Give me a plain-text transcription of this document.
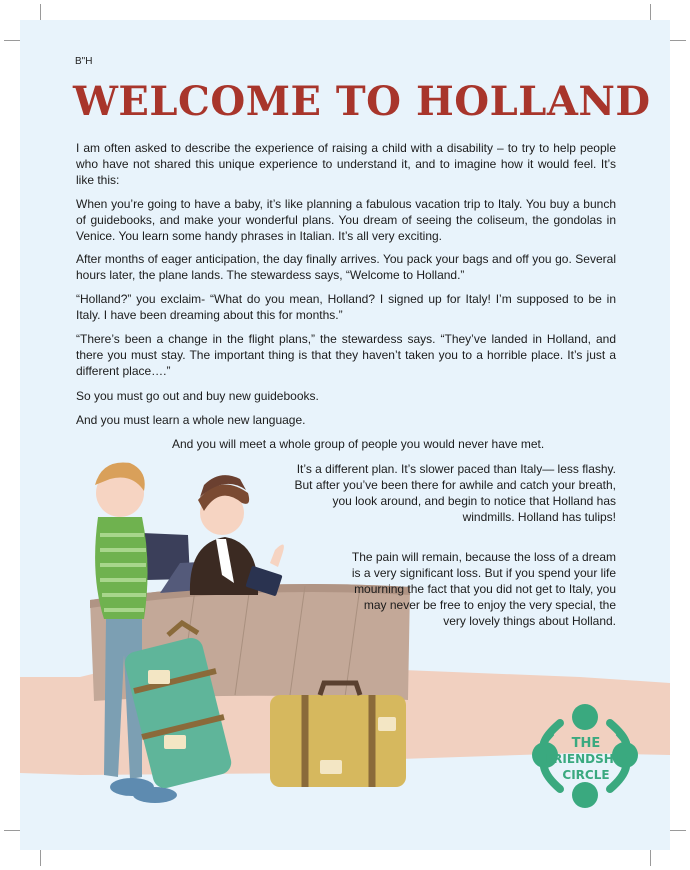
THE
FRIENDSHIP
CIRCLE
B"H
WELCOME TO HOLLAND

I am often asked to describe the experience of raising a child with a disability – to try to help people who have not shared this unique experience to understand it, and to imagine how it would feel. It’s like this:

When you’re going to have a baby, it’s like planning a fabulous vacation trip to Italy. You buy a bunch of guidebooks, and make your wonderful plans. You dream of seeing the coliseum, the gondolas in Venice. You learn some handy phrases in Italian. It’s all very exciting.

After months of eager anticipation, the day finally arrives. You pack your bags and off you go. Several hours later, the plane lands. The stewardess says, “Welcome to Holland.”

“Holland?” you exclaim- “What do you mean, Holland? I signed up for Italy! I’m supposed to be in Italy. I have been dreaming about this for months.”

“There’s been a change in the flight plans,” the stewardess says. “They’ve landed in Holland, and there you must stay. The important thing is that they haven’t taken you to a horrible place. It’s just a different place….”

So you must go out and buy new guidebooks.

And you must learn a whole new language.

And you will meet a whole group of people you would never have met.

It’s a different plan. It’s slower paced than Italy— less flashy. But after you’ve been there for awhile and catch your breath, you look around, and begin to notice that Holland has windmills. Holland has tulips!

The pain will remain, because the loss of a dream is a very significant loss. But if you spend your life mourning the fact that you did not get to Italy, you may never be free to enjoy the very special, the very lovely things about Holland.
